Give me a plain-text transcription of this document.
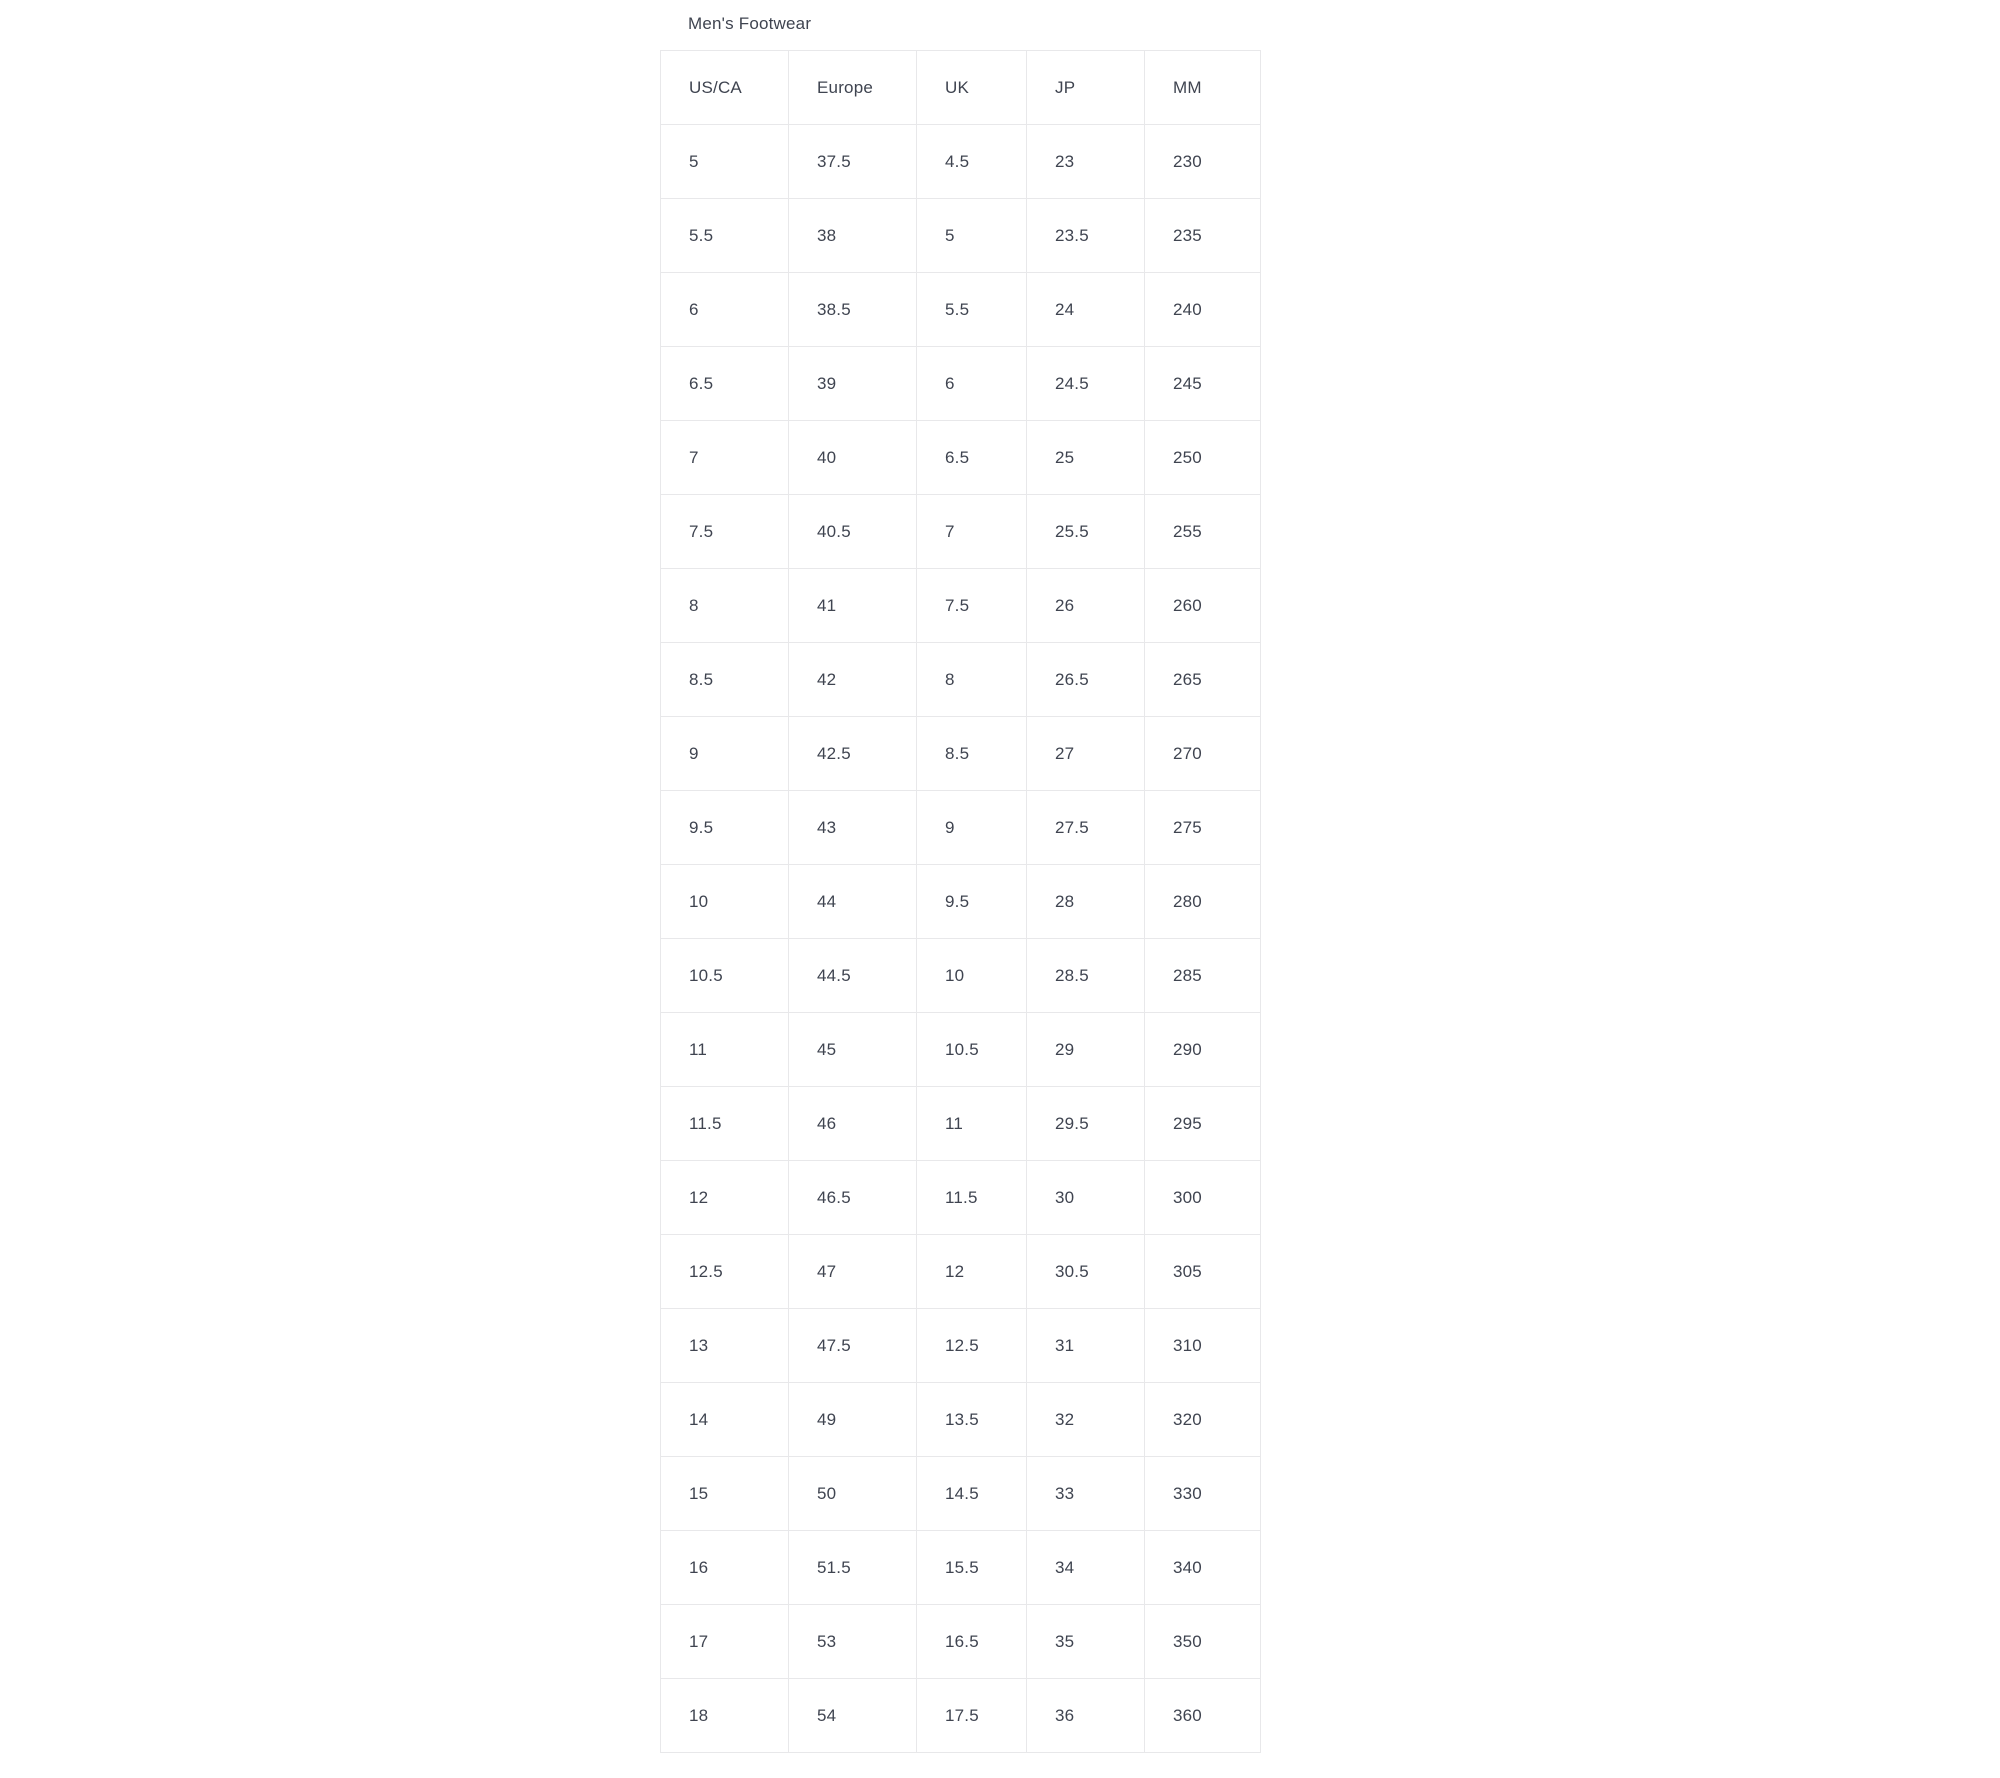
Men's Footwear
US/CA	Europe	UK	JP	MM
5	37.5	4.5	23	230
5.5	38	5	23.5	235
6	38.5	5.5	24	240
6.5	39	6	24.5	245
7	40	6.5	25	250
7.5	40.5	7	25.5	255
8	41	7.5	26	260
8.5	42	8	26.5	265
9	42.5	8.5	27	270
9.5	43	9	27.5	275
10	44	9.5	28	280
10.5	44.5	10	28.5	285
11	45	10.5	29	290
11.5	46	11	29.5	295
12	46.5	11.5	30	300
12.5	47	12	30.5	305
13	47.5	12.5	31	310
14	49	13.5	32	320
15	50	14.5	33	330
16	51.5	15.5	34	340
17	53	16.5	35	350
18	54	17.5	36	360
